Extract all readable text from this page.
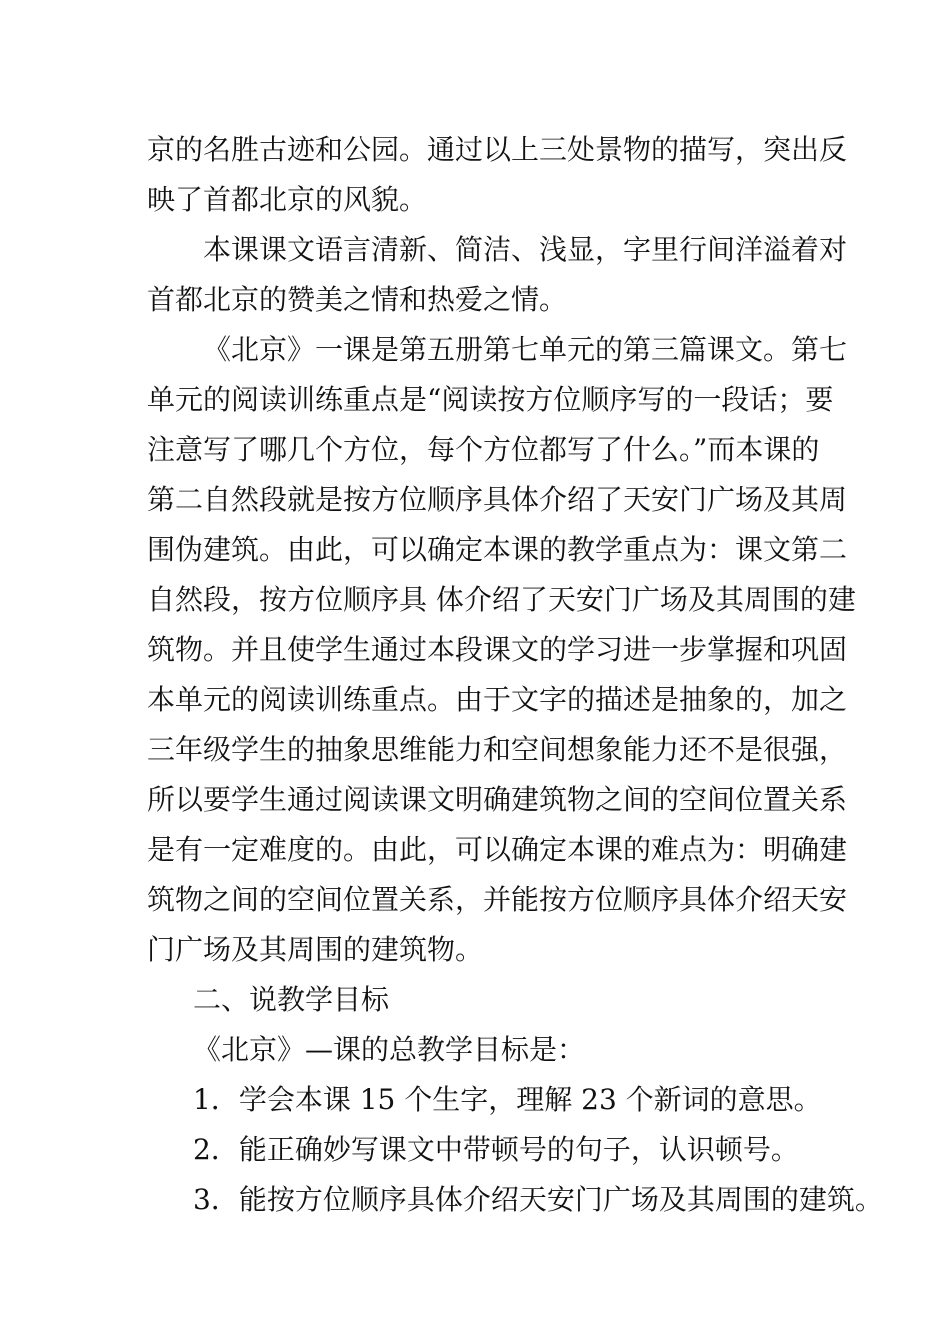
京的名胜古迹和公园。通过以上三处景物的描写，突出反

映了首都北京的风貌。

本课课文语言清新、简洁、浅显，字里行间洋溢着对

首都北京的赞美之情和热爱之情。

《北京》一课是第五册第七单元的第三篇课文。第七

单元的阅读训练重点是“阅读按方位顺序写的一段话；要

注意写了哪几个方位，每个方位都写了什么。”而本课的

第二自然段就是按方位顺序具体介绍了天安门广场及其周

围伪建筑。由此，可以确定本课的教学重点为：课文第二

自然段，按方位顺序具 体介绍了天安门广场及其周围的建

筑物。并且使学生通过本段课文的学习进一步掌握和巩固

本单元的阅读训练重点。由于文字的描述是抽象的，加之

三年级学生的抽象思维能力和空间想象能力还不是很强，

所以要学生通过阅读课文明确建筑物之间的空间位置关系

是有一定难度的。由此，可以确定本课的难点为：明确建

筑物之间的空间位置关系，并能按方位顺序具体介绍天安

门广场及其周围的建筑物。

二、说教学目标

《北京》—课的总教学目标是：

1．学会本课 15 个生字，理解 23 个新词的意思。

2．能正确妙写课文中带顿号的句子，认识顿号。

3．能按方位顺序具体介绍天安门广场及其周围的建筑。
